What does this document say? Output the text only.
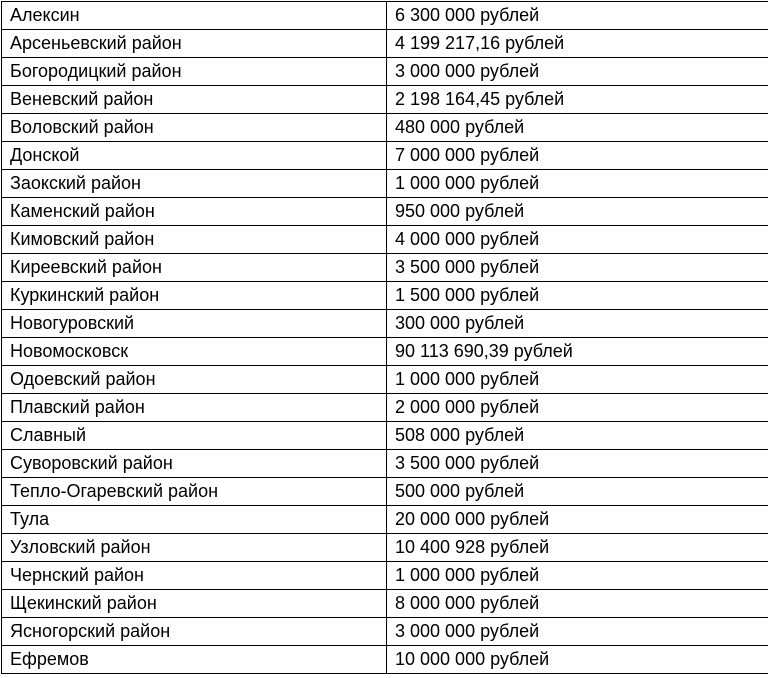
Алексин	6 300 000 рублей
Арсеньевский район	4 199 217,16 рублей
Богородицкий район	3 000 000 рублей
Веневский район	2 198 164,45 рублей
Воловский район	480 000 рублей
Донской	7 000 000 рублей
Заокский район	1 000 000 рублей
Каменский район	950 000 рублей
Кимовский район	4 000 000 рублей
Киреевский район	3 500 000 рублей
Куркинский район	1 500 000 рублей
Новогуровский	300 000 рублей
Новомосковск	90 113 690,39 рублей
Одоевский район	1 000 000 рублей
Плавский район	2 000 000 рублей
Славный	508 000 рублей
Суворовский район	3 500 000 рублей
Тепло-Огаревский район	500 000 рублей
Тула	20 000 000 рублей
Узловский район	10 400 928 рублей
Чернский район	1 000 000 рублей
Щекинский район	8 000 000 рублей
Ясногорский район	3 000 000 рублей
Ефремов	10 000 000 рублей
